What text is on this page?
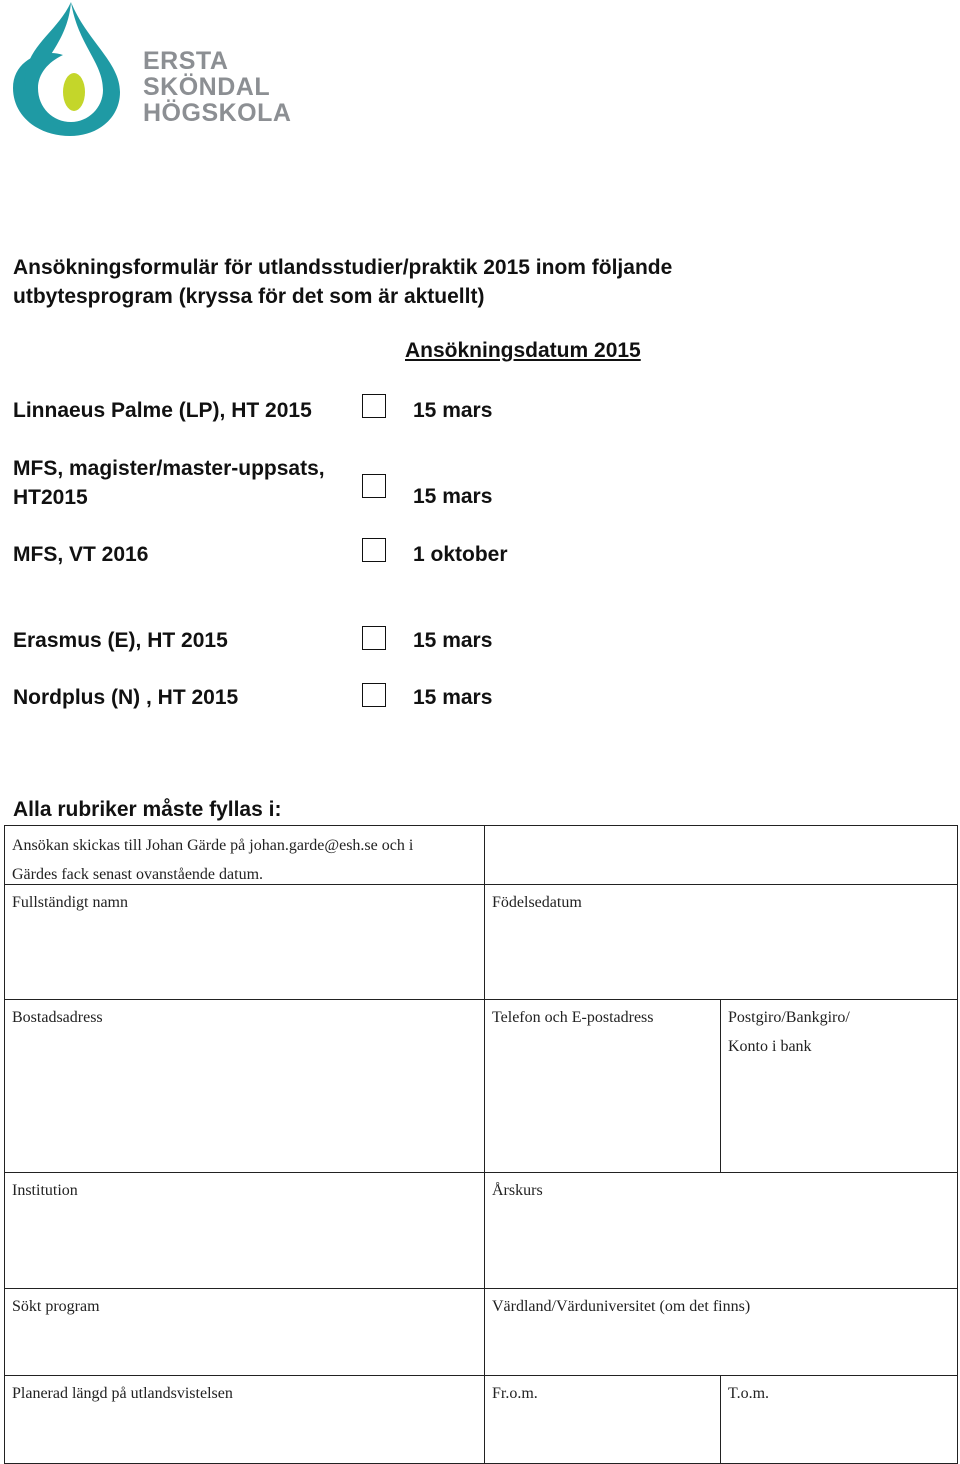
ERSTA
SKÖNDAL
HÖGSKOLA
Ansökningsformulär för utlandsstudier/praktik 2015 inom följande
utbytesprogram (kryssa för det som är aktuellt)
Ansökningsdatum 2015
Linnaeus Palme (LP), HT 2015	15 mars
MFS, magister/master-uppsats,
HT2015	15 mars
MFS, VT 2016	1 oktober
Erasmus (E), HT 2015	15 mars
Nordplus (N) , HT 2015	15 mars
Alla rubriker måste fyllas i:
Ansökan skickas till Johan Gärde på johan.garde@esh.se och i
Gärdes fack senast ovanstående datum.
Fullständigt namn	Födelsedatum
Bostadsadress	Telefon och E-postadress	Postgiro/Bankgiro/
Konto i bank
Institution	Årskurs
Sökt program	Värdland/Värduniversitet (om det finns)
Planerad längd på utlandsvistelsen	Fr.o.m.	T.o.m.
